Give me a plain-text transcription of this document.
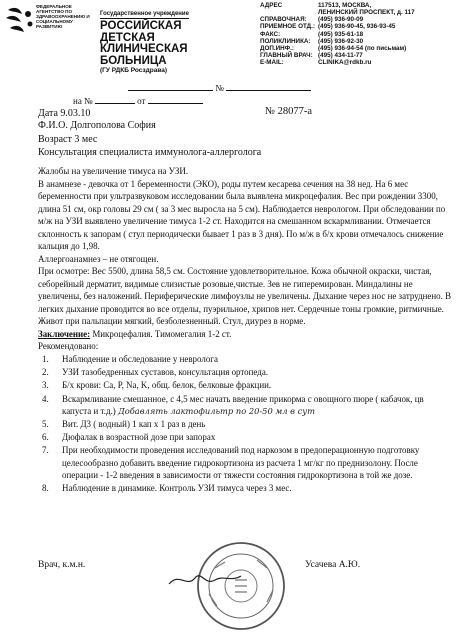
ФЕДЕРАЛЬНОЕ АГЕНТСТВО ПО ЗДРАВООХРАНЕНИЮ И СОЦИАЛЬНОМУ РАЗВИТИЮ
Государственное учреждение
РОССИЙСКАЯ
ДЕТСКАЯ
КЛИНИЧЕСКАЯ
БОЛЬНИЦА
(ГУ РДКБ Росздрава)
АДРЕС	117513, МОСКВА,
ЛЕНИНСКИЙ ПРОСПЕКТ, д. 117
СПРАВОЧНАЯ:	(495) 936-90-09
ПРИЕМНОЕ ОТД.: (495) 936-90-45, 936-93-45
ФАКС:	(495) 935-61-18
ПОЛИКЛИНИКА:	(495) 936-92-30
ДОП.ИНФ.:	(495) 936-94-54 (по письмам)
ГЛАВНЫЙ ВРАЧ: (495) 434-11-77
E-MAIL:	CLINIKA@rdkb.ru
№
на №	от
Дата 9.03.10	№ 28077-а
Ф.И.О. Долгополова София
Возраст 3 мес
Консультация специалиста иммунолога-аллерголога

Жалобы на увеличение тимуса на УЗИ.

В анамнезе - девочка от 1 беременности (ЭКО), роды путем кесарева сечения на 38 нед. На 6 мес беременности при ультразвуковом исследовании была выявлена микроцефалия. Вес при рождении 3300, длина 51 см, окр головы 29 см ( за 3 мес выросла на 5 см). Наблюдается неврологом. При обследовании по м/ж на УЗИ выявлено увеличение тимуса 1-2 ст. Находится на смешанном вскармливании. Отмечается склонность к запорам ( стул периодически бывает 1 раз в 3 дня). По м/ж в б/х крови отмечалось снижение кальция до 1,98.

Аллергоанамнез – не отягощен.

При осмотре: Вес 5500, длина 58,5 см. Состояние удовлетворительное. Кожа обычной окраски, чистая, себорейный дерматит, видимые слизистые розовые,чистые. Зев не гиперемирован. Миндалины не увеличены, без наложений. Периферические лимфоузлы не увеличены. Дыхание через нос не затруднено. В легких дыхание проводится во все отделы, пуэрильное, хрипов нет. Сердечные тоны громкие, ритмичные. Живот при пальпации мягкий, безболезненный. Стул, диурез в норме.

Заключение: Микроцефалия. Тимомегалия 1-2 ст.

Рекомендовано:

1.	Наблюдение и обследование у невролога
2.	УЗИ тазобедренных суставов, консультация ортопеда.
3.	Б/х крови: Са, Р, Na, K, общ. белок, белковые фракции.
4.	Вскармливание смешанное, с 4,5 мес начать введение прикорма с овощного пюре ( кабачок, цв капуста и т.д.) Добавлять лактофильтр по 20-50 мл в сут
5.	Вит. Д3 ( водный) 1 кап х 1 раз в день
6.	Дюфалак в возрастной дозе при запорах
7.	При необходимости проведения исследований под наркозом в предоперационную подготовку целесообразно добавить введение гидрокортизона из расчета 1 мг/кг по преднизолону. После операции - 1-2 введения в зависимости от тяжести состояния гидрокортизона в той же дозе.
8.	Наблюдение в динамике. Контроль УЗИ тимуса через 3 мес.
Врач, к.м.н.	Усачева А.Ю.
